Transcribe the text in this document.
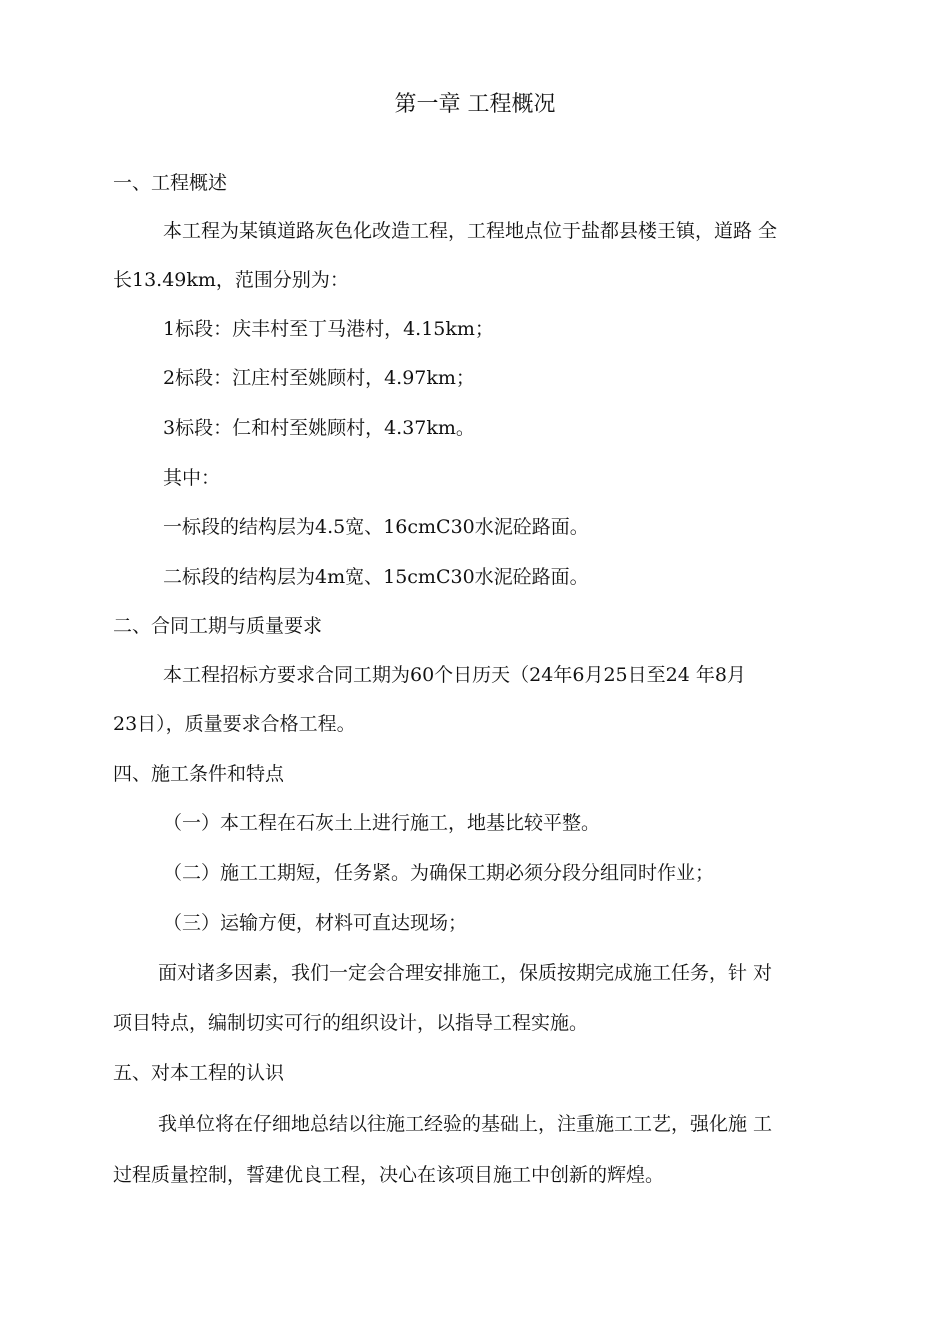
第一章 工程概况
一、工程概述
本工程为某镇道路灰色化改造工程，工程地点位于盐都县楼王镇，道路 全
长13.49km，范围分别为：
1标段：庆丰村至丁马港村，4.15km；
2标段：江庄村至姚顾村，4.97km；
3标段：仁和村至姚顾村，4.37km。
其中：
一标段的结构层为4.5宽、16cmC30水泥砼路面。
二标段的结构层为4m宽、15cmC30水泥砼路面。
二、合同工期与质量要求
本工程招标方要求合同工期为60个日历天（24年6月25日至24 年8月
23日），质量要求合格工程。
四、施工条件和特点
（一）本工程在石灰土上进行施工，地基比较平整。
（二）施工工期短，任务紧。为确保工期必须分段分组同时作业；
（三）运输方便，材料可直达现场；
面对诸多因素，我们一定会合理安排施工，保质按期完成施工任务，针 对
项目特点，编制切实可行的组织设计，以指导工程实施。
五、对本工程的认识
我单位将在仔细地总结以往施工经验的基础上，注重施工工艺，强化施 工
过程质量控制，誓建优良工程，决心在该项目施工中创新的辉煌。
